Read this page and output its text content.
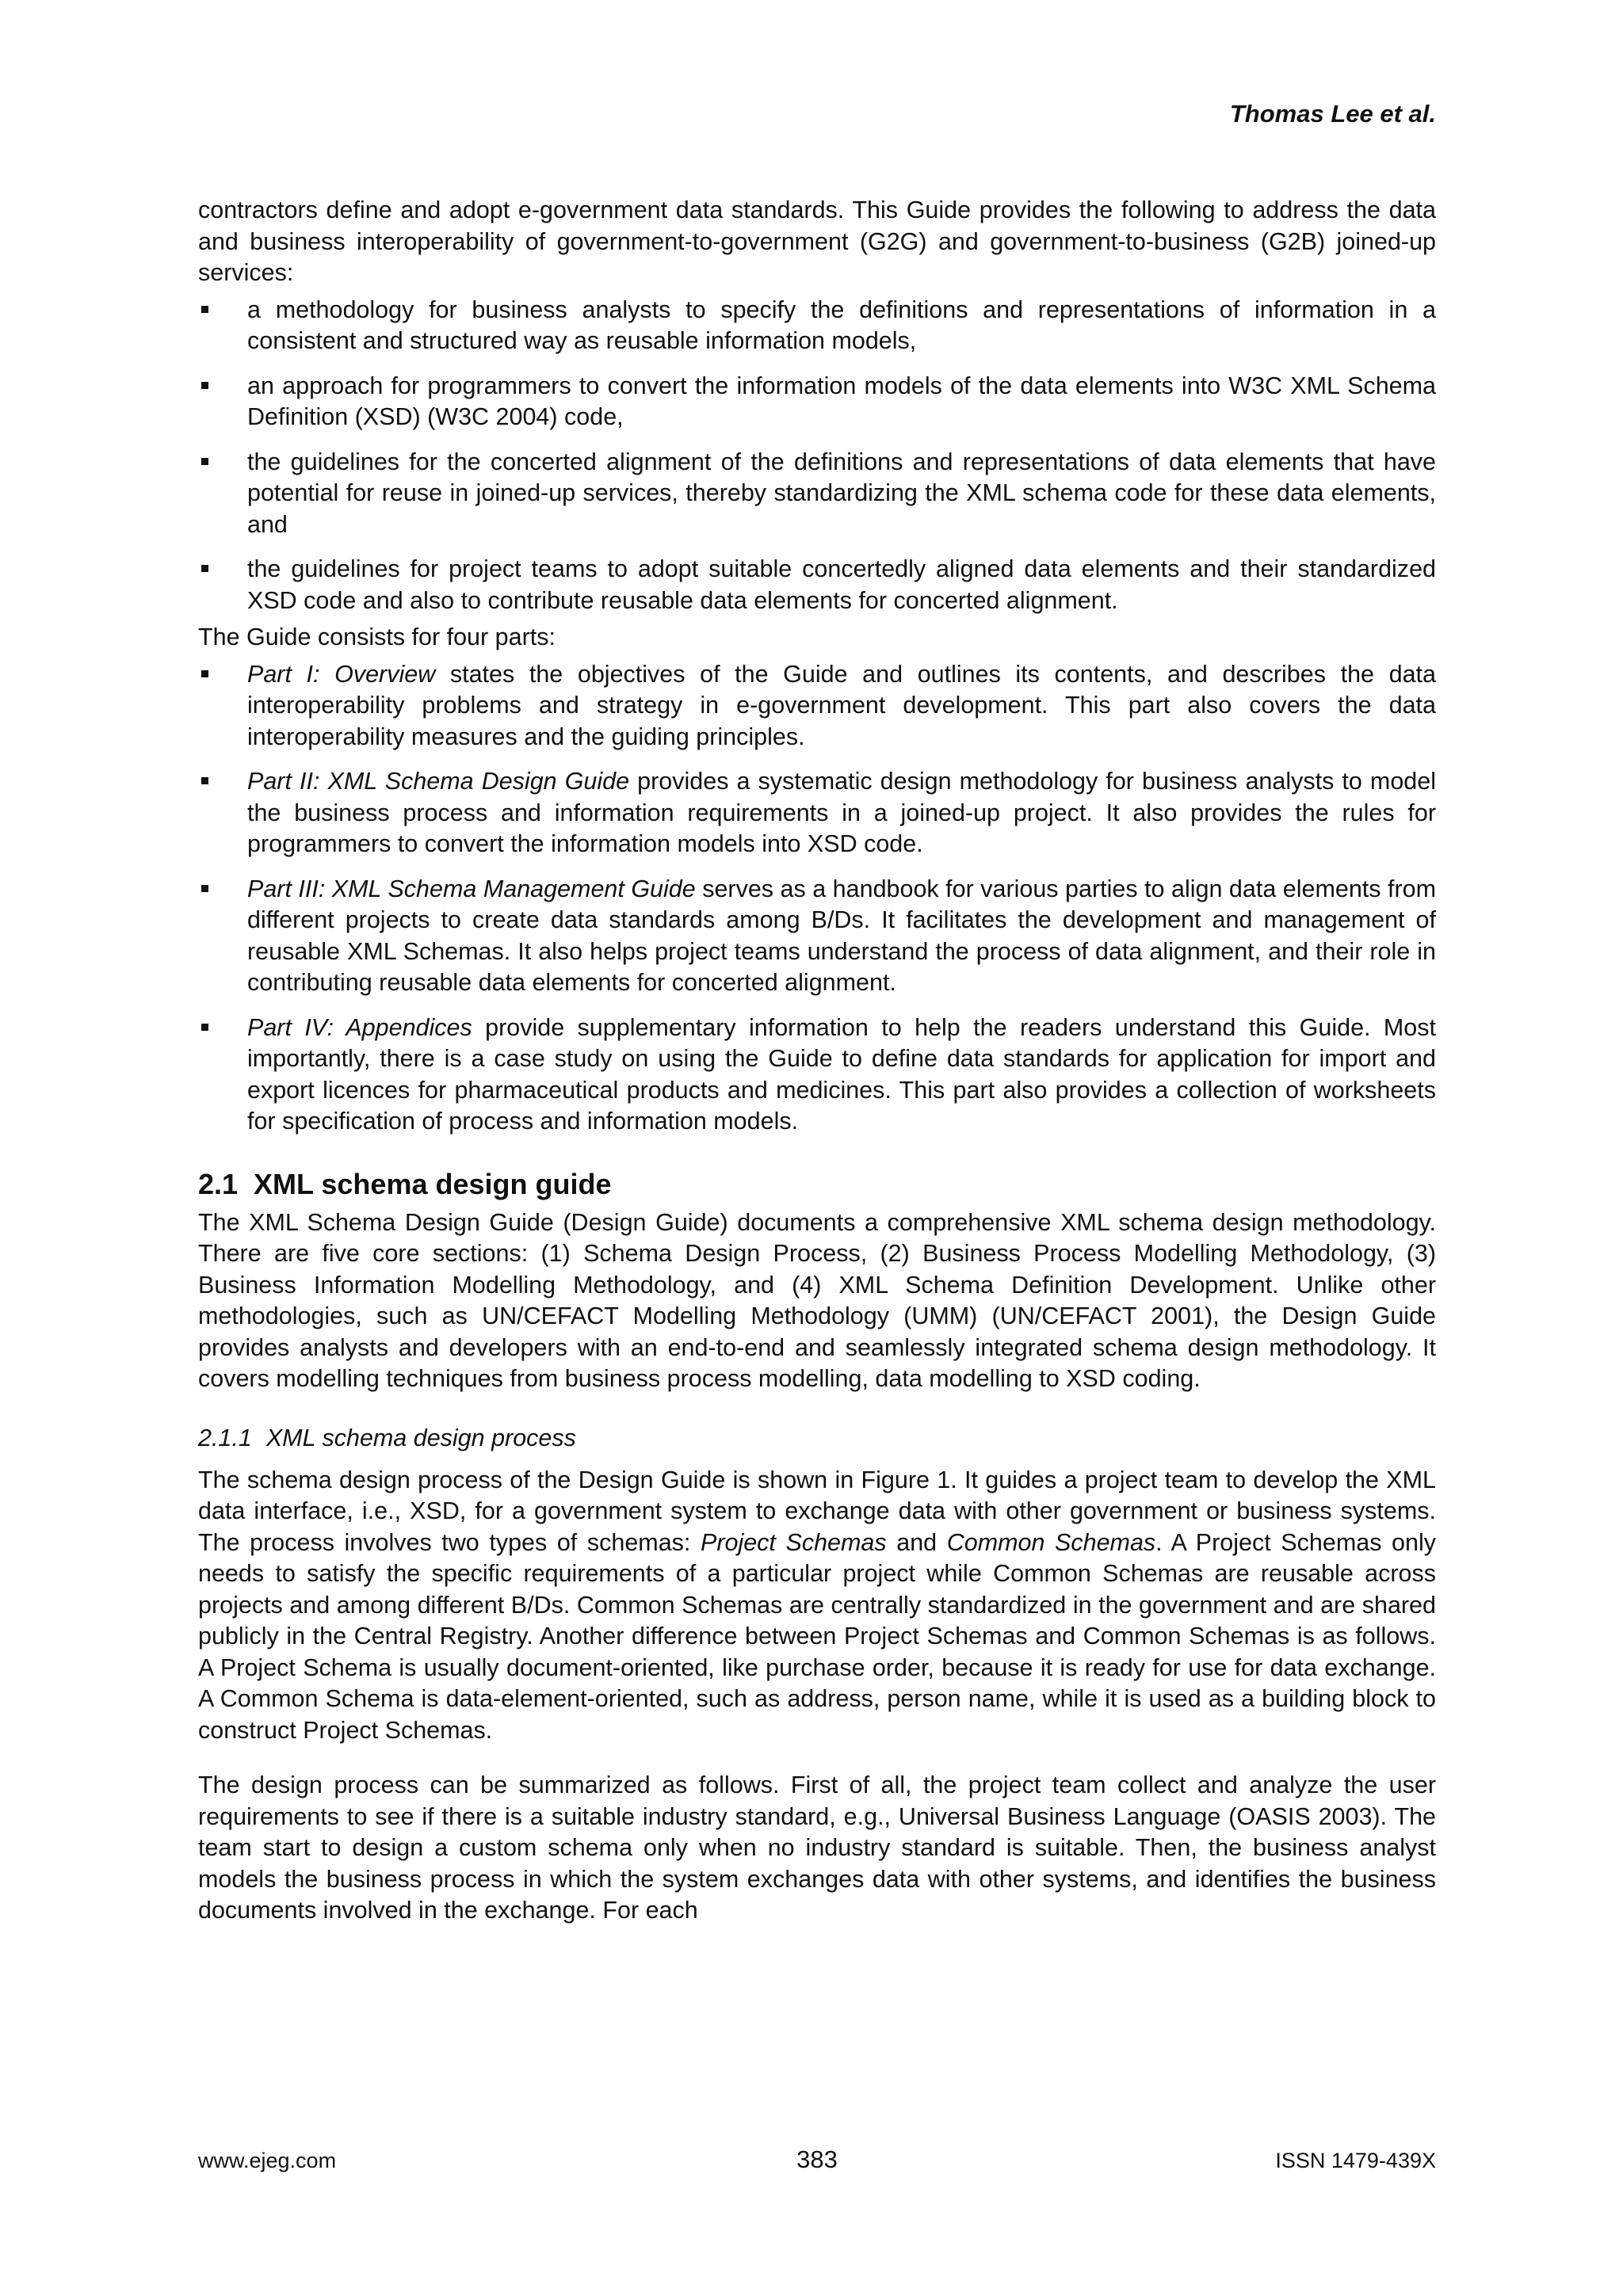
Thomas Lee et al.

contractors define and adopt e-government data standards. This Guide provides the following to address the data and business interoperability of government-to-government (G2G) and government-to-business (G2B) joined-up services:

a methodology for business analysts to specify the definitions and representations of information in a consistent and structured way as reusable information models,
an approach for programmers to convert the information models of the data elements into W3C XML Schema Definition (XSD) (W3C 2004) code,
the guidelines for the concerted alignment of the definitions and representations of data elements that have potential for reuse in joined-up services, thereby standardizing the XML schema code for these data elements, and
the guidelines for project teams to adopt suitable concertedly aligned data elements and their standardized XSD code and also to contribute reusable data elements for concerted alignment.

The Guide consists for four parts:

Part I: Overview states the objectives of the Guide and outlines its contents, and describes the data interoperability problems and strategy in e-government development. This part also covers the data interoperability measures and the guiding principles.
Part II: XML Schema Design Guide provides a systematic design methodology for business analysts to model the business process and information requirements in a joined-up project. It also provides the rules for programmers to convert the information models into XSD code.
Part III: XML Schema Management Guide serves as a handbook for various parties to align data elements from different projects to create data standards among B/Ds. It facilitates the development and management of reusable XML Schemas. It also helps project teams understand the process of data alignment, and their role in contributing reusable data elements for concerted alignment.
Part IV: Appendices provide supplementary information to help the readers understand this Guide. Most importantly, there is a case study on using the Guide to define data standards for application for import and export licences for pharmaceutical products and medicines. This part also provides a collection of worksheets for specification of process and information models.
2.1 XML schema design guide

The XML Schema Design Guide (Design Guide) documents a comprehensive XML schema design methodology. There are five core sections: (1) Schema Design Process, (2) Business Process Modelling Methodology, (3) Business Information Modelling Methodology, and (4) XML Schema Definition Development. Unlike other methodologies, such as UN/CEFACT Modelling Methodology (UMM) (UN/CEFACT 2001), the Design Guide provides analysts and developers with an end-to-end and seamlessly integrated schema design methodology. It covers modelling techniques from business process modelling, data modelling to XSD coding.

2.1.1 XML schema design process

The schema design process of the Design Guide is shown in Figure 1. It guides a project team to develop the XML data interface, i.e., XSD, for a government system to exchange data with other government or business systems. The process involves two types of schemas: Project Schemas and Common Schemas. A Project Schemas only needs to satisfy the specific requirements of a particular project while Common Schemas are reusable across projects and among different B/Ds. Common Schemas are centrally standardized in the government and are shared publicly in the Central Registry. Another difference between Project Schemas and Common Schemas is as follows. A Project Schema is usually document-oriented, like purchase order, because it is ready for use for data exchange. A Common Schema is data-element-oriented, such as address, person name, while it is used as a building block to construct Project Schemas.

The design process can be summarized as follows. First of all, the project team collect and analyze the user requirements to see if there is a suitable industry standard, e.g., Universal Business Language (OASIS 2003). The team start to design a custom schema only when no industry standard is suitable. Then, the business analyst models the business process in which the system exchanges data with other systems, and identifies the business documents involved in the exchange. For each

www.ejeg.com	383	ISSN 1479-439X
